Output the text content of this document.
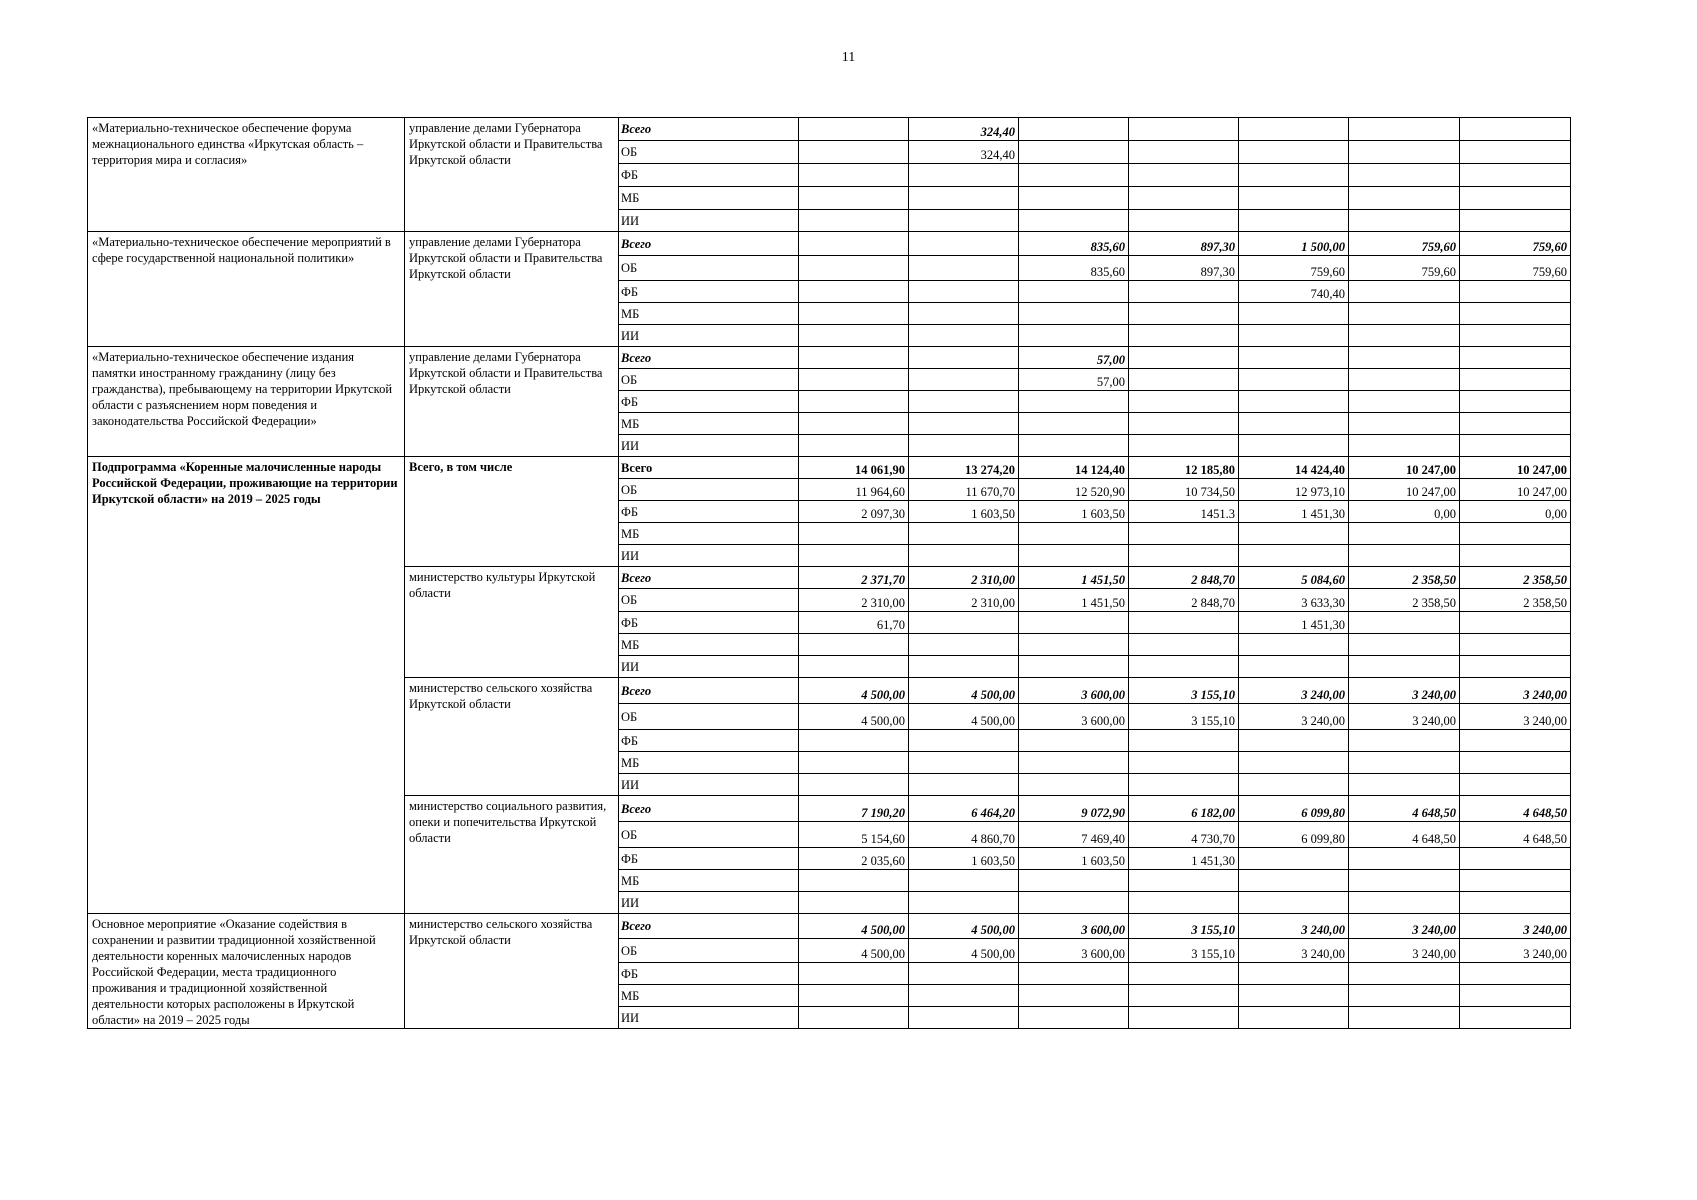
11
«Материально-техническое обеспечение форума межнационального единства «Иркутская область – территория мира и согласия»	управление делами Губернатора Иркутской области и Правительства Иркутской области	Всего		324,40					
		ОБ		324,40					
		ФБ							
		МБ							
		ИИ							
«Материально-техническое обеспечение мероприятий в сфере государственной национальной политики»	управление делами Губернатора Иркутской области и Правительства Иркутской области	Всего			835,60	897,30	1 500,00	759,60	759,60
		ОБ			835,60	897,30	759,60	759,60	759,60
		ФБ					740,40		
		МБ							
		ИИ							
«Материально-техническое обеспечение издания памятки иностранному гражданину (лицу без гражданства), пребывающему на территории Иркутской области с разъяснением норм поведения и законодательства Российской Федерации»	управление делами Губернатора Иркутской области и Правительства Иркутской области	Всего			57,00				
		ОБ			57,00				
		ФБ							
		МБ							
		ИИ							
Подпрограмма «Коренные малочисленные народы Российской Федерации, проживающие на территории Иркутской области» на 2019 – 2025 годы	Всего, в том числе	Всего	14 061,90	13 274,20	14 124,40	12 185,80	14 424,40	10 247,00	10 247,00
		ОБ	11 964,60	11 670,70	12 520,90	10 734,50	12 973,10	10 247,00	10 247,00
		ФБ	2 097,30	1 603,50	1 603,50	1451.3	1 451,30	0,00	0,00
		МБ							
		ИИ							
	министерство культуры Иркутской области	Всего	2 371,70	2 310,00	1 451,50	2 848,70	5 084,60	2 358,50	2 358,50
		ОБ	2 310,00	2 310,00	1 451,50	2 848,70	3 633,30	2 358,50	2 358,50
		ФБ	61,70				1 451,30		
		МБ							
		ИИ							
	министерство сельского хозяйства Иркутской области	Всего	4 500,00	4 500,00	3 600,00	3 155,10	3 240,00	3 240,00	3 240,00
		ОБ	4 500,00	4 500,00	3 600,00	3 155,10	3 240,00	3 240,00	3 240,00
		ФБ							
		МБ							
		ИИ							
	министерство социального развития, опеки и попечительства Иркутской области	Всего	7 190,20	6 464,20	9 072,90	6 182,00	6 099,80	4 648,50	4 648,50
		ОБ	5 154,60	4 860,70	7 469,40	4 730,70	6 099,80	4 648,50	4 648,50
		ФБ	2 035,60	1 603,50	1 603,50	1 451,30			
		МБ							
		ИИ							
Основное мероприятие «Оказание содействия в сохранении и развитии традиционной хозяйственной деятельности коренных малочисленных народов Российской Федерации, места традиционного проживания и традиционной хозяйственной деятельности которых расположены в Иркутской области» на 2019 – 2025 годы	министерство сельского хозяйства Иркутской области	Всего	4 500,00	4 500,00	3 600,00	3 155,10	3 240,00	3 240,00	3 240,00
		ОБ	4 500,00	4 500,00	3 600,00	3 155,10	3 240,00	3 240,00	3 240,00
		ФБ							
		МБ							
		ИИ							
